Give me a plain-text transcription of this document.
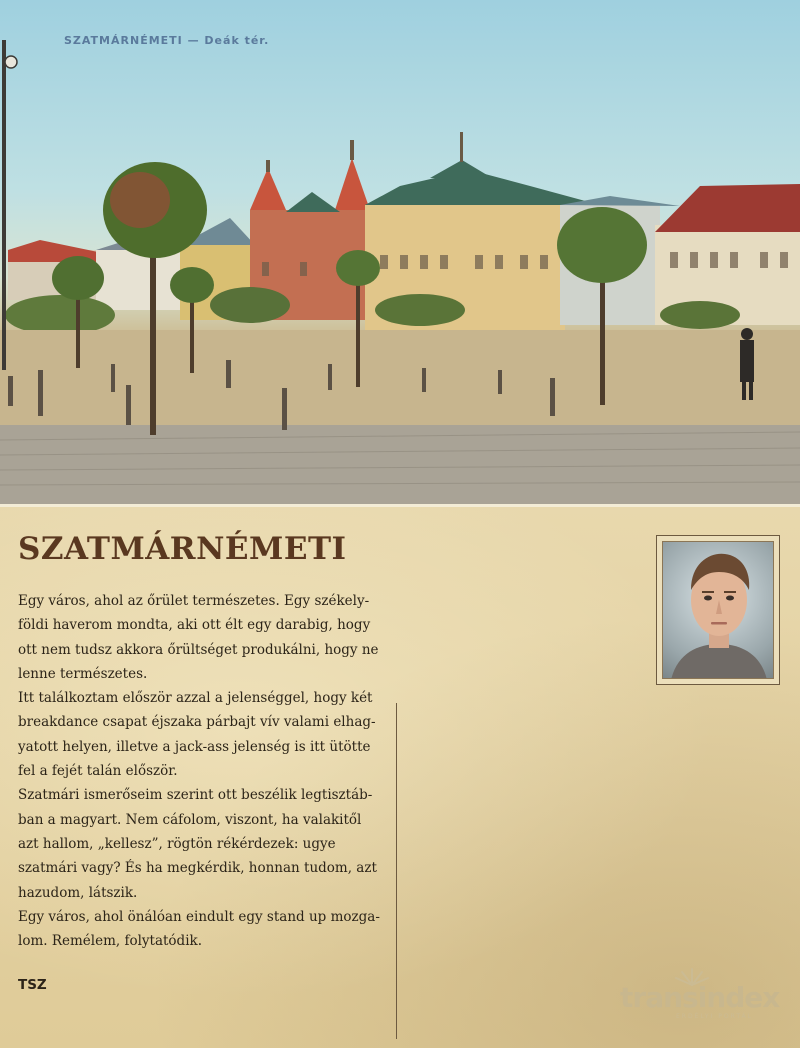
SZATMÁRNÉMETI — Deák tér.
SZATMÁRNÉMETI

Egy város, ahol az őrület természetes. Egy székely-földi haverom mondta, aki ott élt egy darabig, hogy ott nem tudsz akkora őrültséget produkálni, hogy ne lenne természetes.

Itt találkoztam először azzal a jelenséggel, hogy két breakdance csapat éjszaka párbajt vív valami elhag-yatott helyen, illetve a jack-ass jelenség is itt ütötte fel a fejét talán először.

Szatmári ismerőseim szerint ott beszélik legtisztáb-ban a magyart. Nem cáfolom, viszont, ha valakitől azt hallom, „kellesz”, rögtön rékérdezek: ugye szatmári vagy? És ha megkérdik, honnan tudom, azt hazudom, látszik.

Egy város, ahol önálóan eindult egy stand up mozga-lom. Remélem, folytatódik.

TSZ	transindex
ERDÉLYI PORTÁL
